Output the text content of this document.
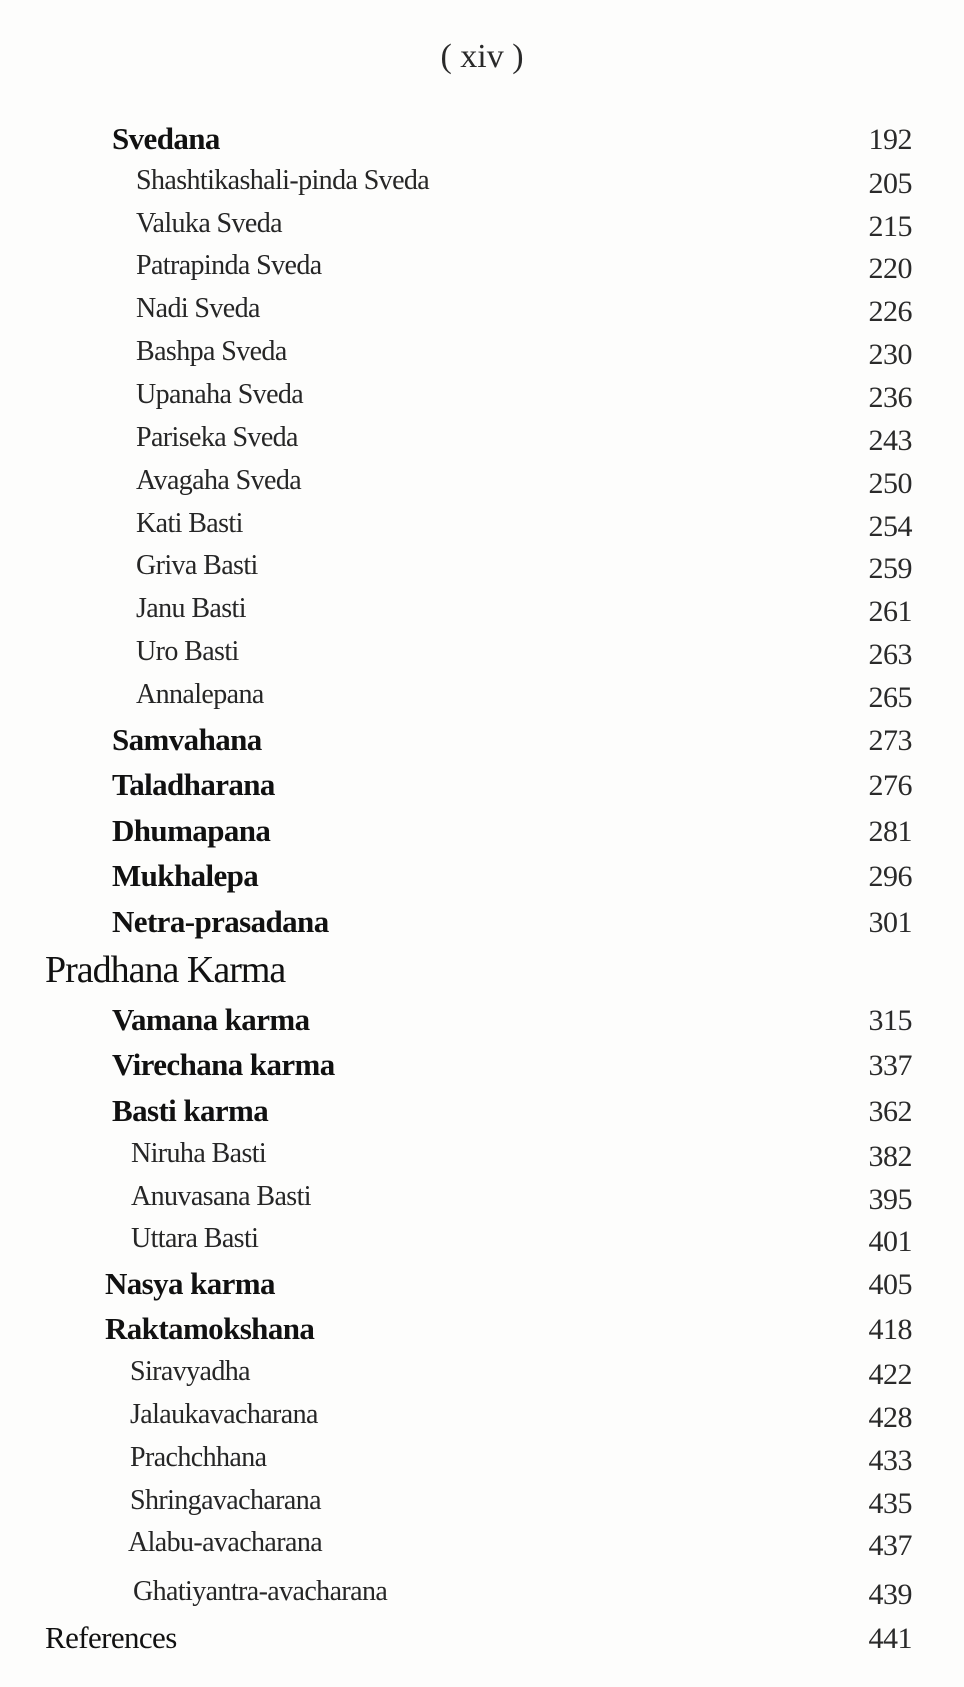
( xiv )
Svedana	192
Shashtikashali-pinda Sveda	205
Valuka Sveda	215
Patrapinda Sveda	220
Nadi Sveda	226
Bashpa Sveda	230
Upanaha Sveda	236
Pariseka Sveda	243
Avagaha Sveda	250
Kati Basti	254
Griva Basti	259
Janu Basti	261
Uro Basti	263
Annalepana	265
Samvahana	273
Taladharana	276
Dhumapana	281
Mukhalepa	296
Netra-prasadana	301
Pradhana Karma
Vamana karma	315
Virechana karma	337
Basti karma	362
Niruha Basti	382
Anuvasana Basti	395
Uttara Basti	401
Nasya karma	405
Raktamokshana	418
Siravyadha	422
Jalaukavacharana	428
Prachchhana	433
Shringavacharana	435
Alabu-avacharana	437
Ghatiyantra-avacharana	439
References	441
